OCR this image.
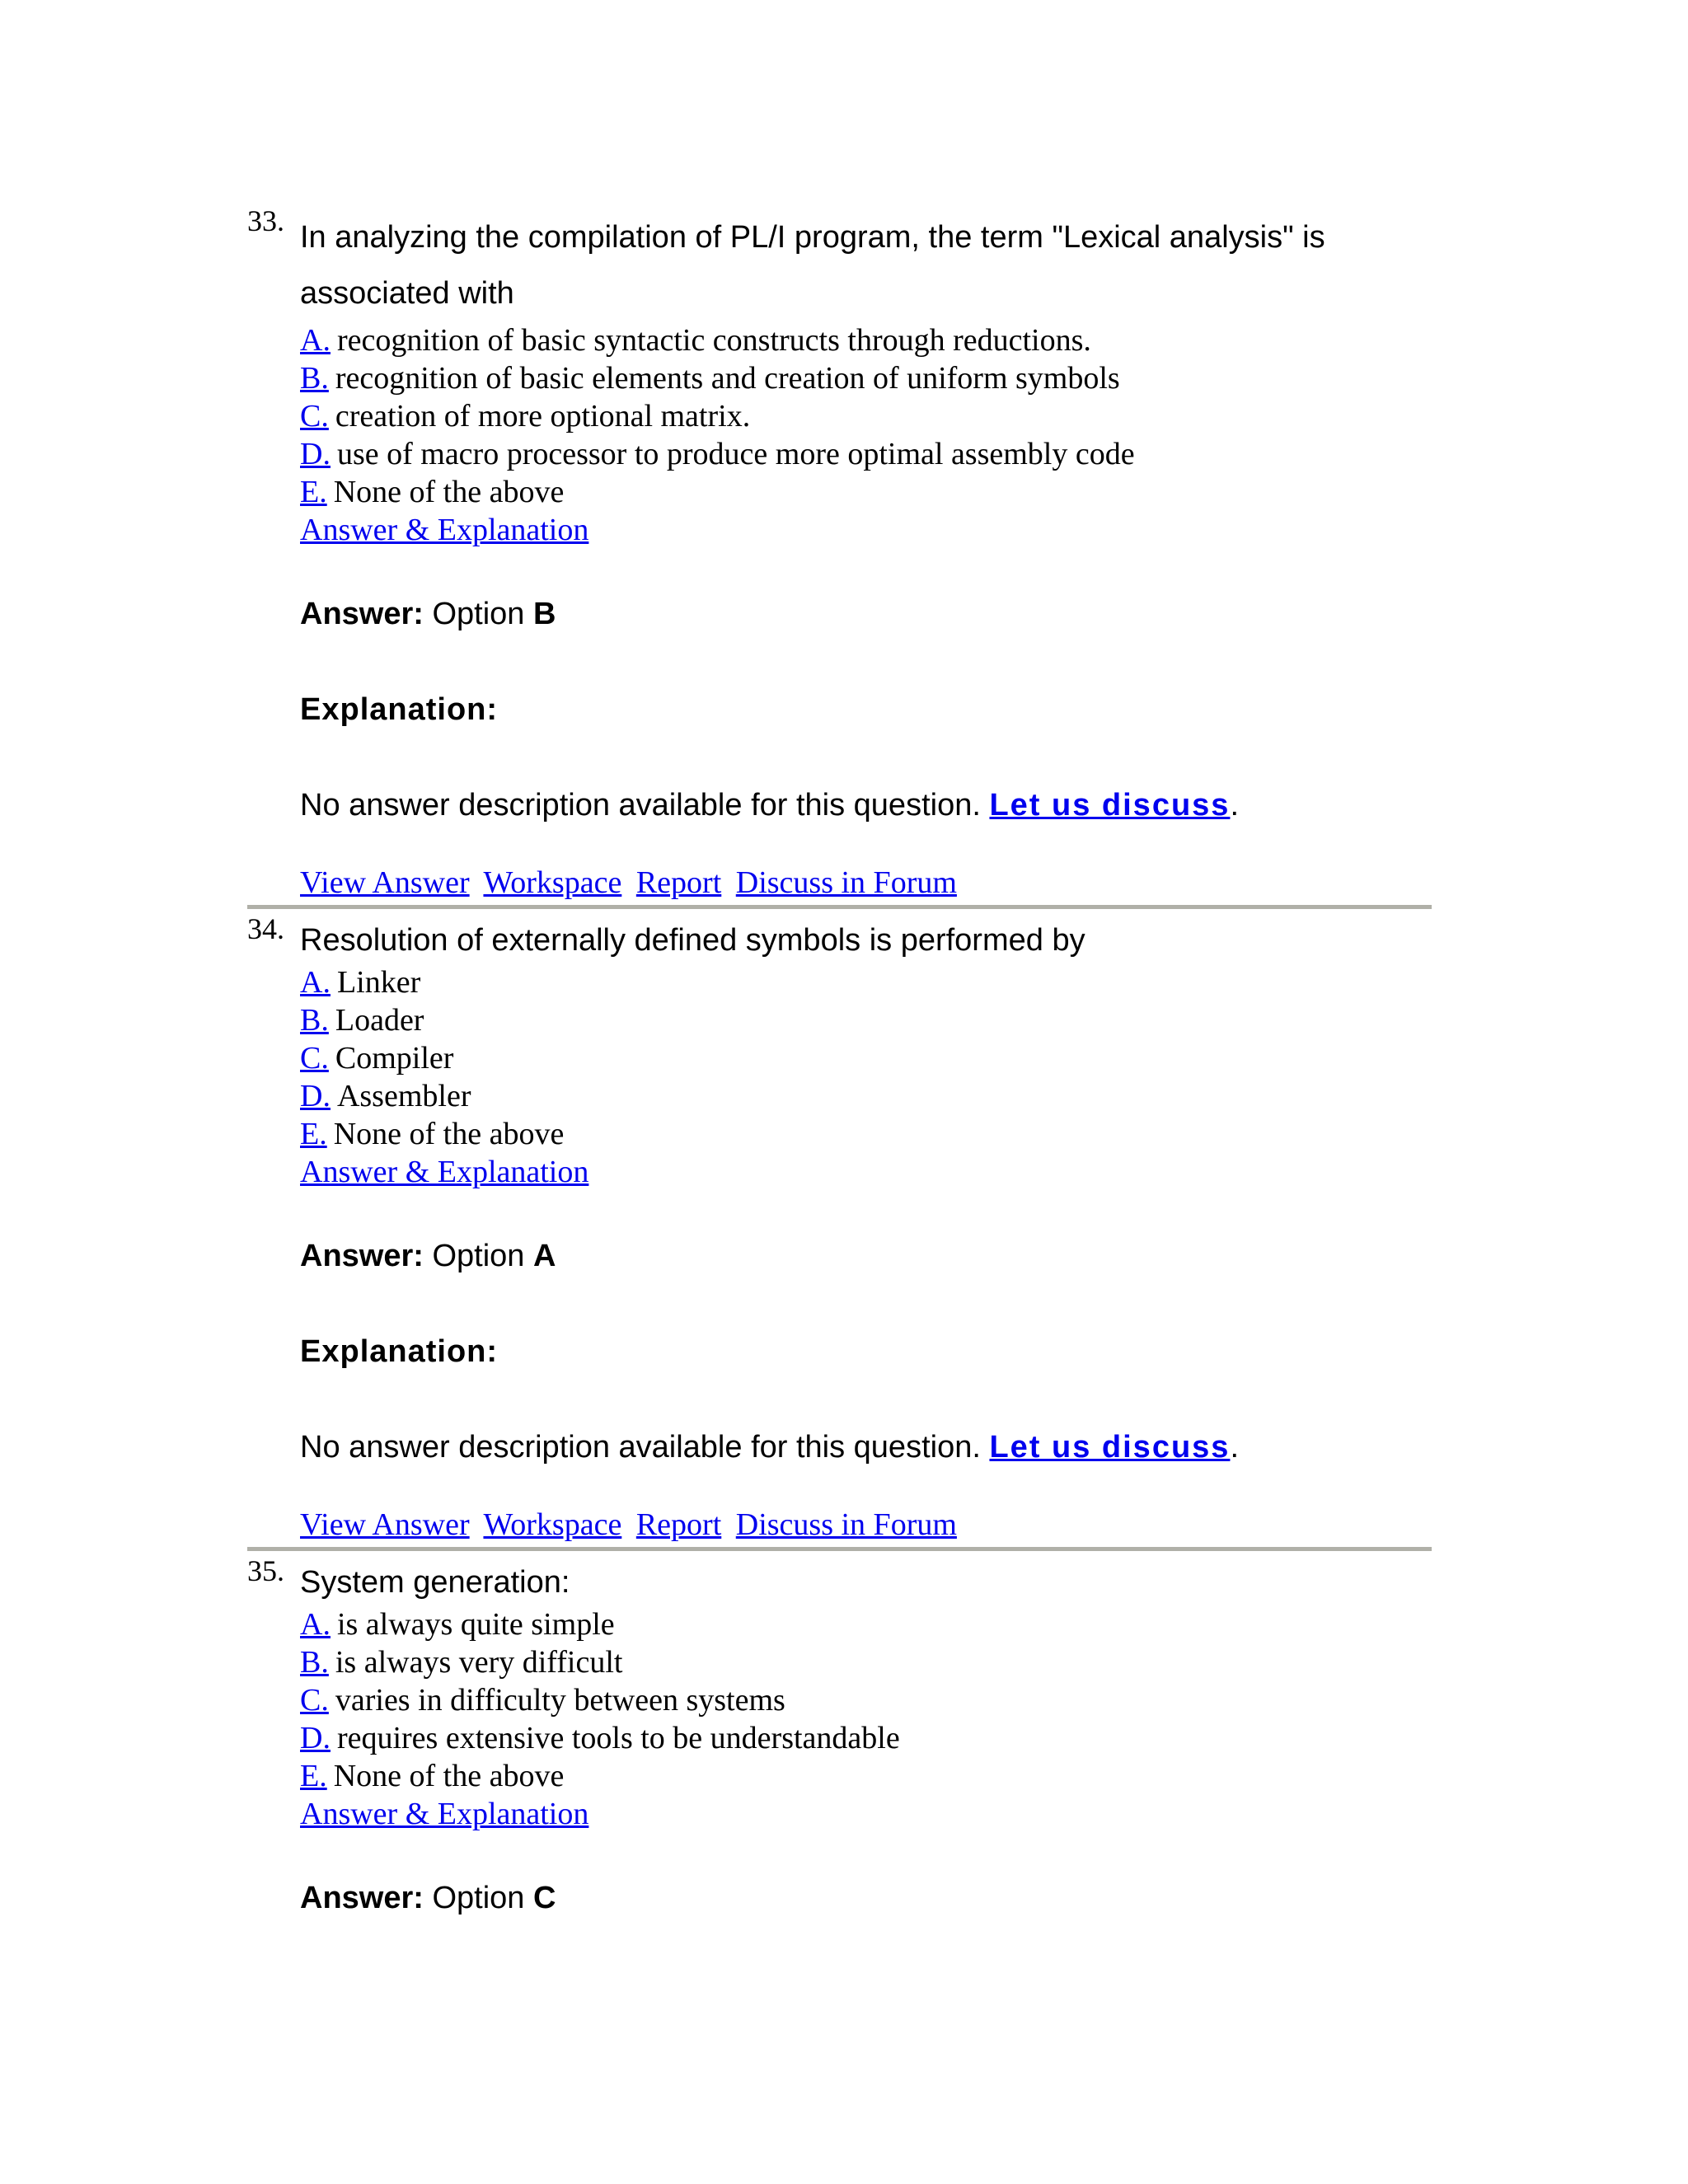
33. In analyzing the compilation of PL/I program, the term "Lexical analysis" is
associated with

A. recognition of basic syntactic constructs through reductions.
B. recognition of basic elements and creation of uniform symbols
C. creation of more optional matrix.
D. use of macro processor to produce more optimal assembly code
E. None of the above
Answer & Explanation
Answer: Option B
Explanation:
No answer description available for this question. Let us discuss.
View Answer Workspace Report Discuss in Forum
34. Resolution of externally defined symbols is performed by

A. Linker
B. Loader
C. Compiler
D. Assembler
E. None of the above
Answer & Explanation
Answer: Option A
Explanation:
No answer description available for this question. Let us discuss.
View Answer Workspace Report Discuss in Forum
35. System generation:

A. is always quite simple
B. is always very difficult
C. varies in difficulty between systems
D. requires extensive tools to be understandable
E. None of the above
Answer & Explanation
Answer: Option C
